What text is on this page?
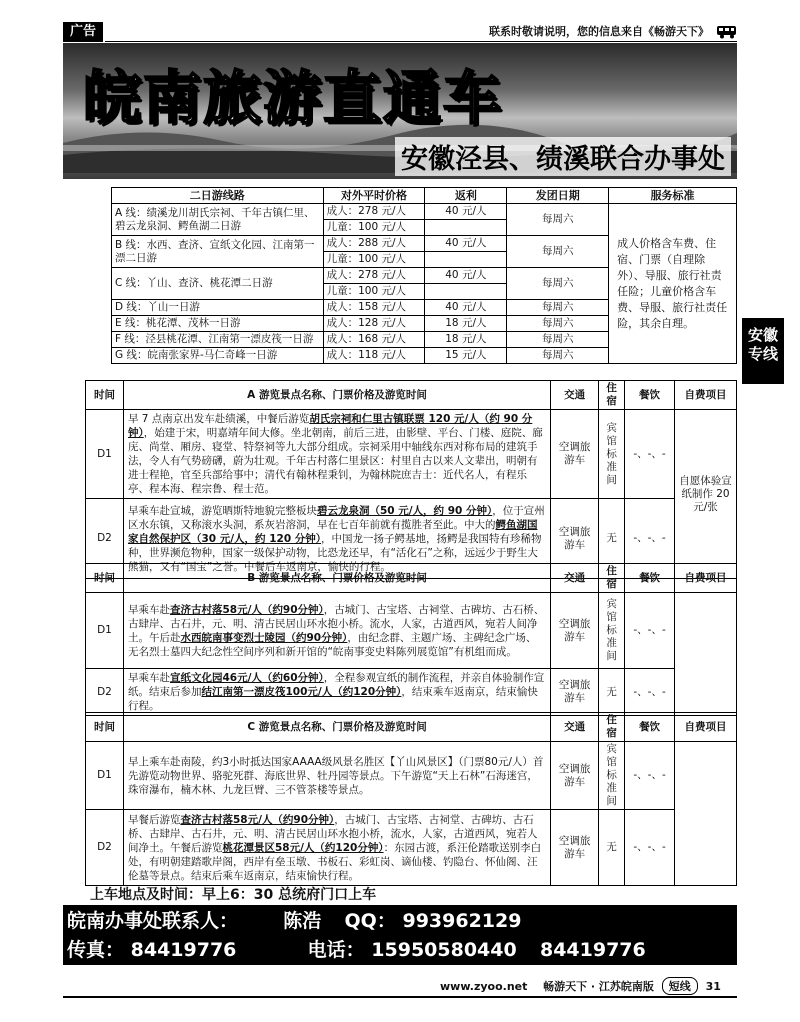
广告	联系时敬请说明，您的信息来自《畅游天下》
皖南旅游直通车
安徽泾县、绩溪联合办事处
安徽
专线
二日游线路	对外平时价格	返利	发团日期	服务标准
A 线：绩溪龙川胡氏宗祠、千年古镇仁里、碧云龙泉洞、鳄鱼湖二日游	成人：278 元/人	40 元/人	每周六	成人价格含车费、住宿、门票（自理除外）、导服、旅行社责任险；儿童价格含车费、导服、旅行社责任险，其余自理。
	儿童：100 元/人			
B 线：水西、查济、宣纸文化园、江南第一漂二日游	成人：288 元/人	40 元/人	每周六	
	儿童：100 元/人			
C 线：丫山、查济、桃花潭二日游	成人：278 元/人	40 元/人	每周六	
	儿童：100 元/人			
D 线：丫山一日游	成人：158 元/人	40 元/人	每周六	
E 线：桃花潭、茂林一日游	成人：128 元/人	18 元/人	每周六	
F 线：泾县桃花潭、江南第一漂皮筏一日游	成人：168 元/人	18 元/人	每周六	
G 线：皖南张家界-马仁奇峰一日游	成人：118 元/人	15 元/人	每周六	
时间	A 游览景点名称、门票价格及游览时间	交通	住宿	餐饮	自费项目
D1	早 7 点南京出发车赴绩溪，中餐后游览胡氏宗祠和仁里古镇联票 120 元/人（约 90 分钟），始建于宋，明嘉靖年间大修。坐北朝南，前后三进，由影壁、平台、门楼、庭院、廊庑、尚堂、厢房、寝堂、特祭祠等九大部分组成。宗祠采用中轴线东西对称布局的建筑手法，令人有气势磅礴，蔚为壮观。千年古村落仁里景区：村里自古以来人文辈出，明朝有进士程艳，官至兵部给事中；清代有翰林程秉钊，为翰林院庶吉士：近代名人，有程乐亭、程本海、程宗鲁、程士范。	空调旅游车	宾馆标准间	-、-、-	自愿体验宣纸制作 20 元/张
D2	早乘车赴宣城，游览晒斯特地貌完整板块碧云龙泉洞（50 元/人，约 90 分钟），位于宣州区水东镇，又称滚水头洞，系灰岩溶洞，早在七百年前就有揽胜者至此。中大的鳄鱼湖国家自然保护区（30 元/人，约 120 分钟），中国龙一扬子鳄基地，扬鳄是我国特有珍稀物种，世界濒危物种，国家一级保护动物，比恐龙还早，有“活化石”之称，远远少于野生大熊猫，又有“国宝”之誉。中餐后车返南京，愉快的行程。	空调旅游车	无	-、-、-	
时间	B 游览景点名称、门票价格及游览时间	交通	住宿	餐饮	自费项目
D1	早乘车赴查济古村落58元/人（约90分钟），古城门、古宝塔、古祠堂、古碑坊、古石桥、古肆岸、古石井，元、明、清古民居山环水抱小桥。流水，人家，古道西风，宛若人间净土。午后赴水西皖南事变烈士陵园（约90分钟），由纪念群、主题广场、主碑纪念广场、无名烈士墓四大纪念性空间序列和新开馆的“皖南事变史料陈列展览馆”有机组而成。	空调旅游车	宾馆标准间	-、-、-	
D2	早乘车赴宣纸文化园46元/人（约60分钟），全程参观宣纸的制作流程，并亲自体验制作宣纸。结束后参加结江南第一漂皮筏100元/人（约120分钟），结束乘车返南京，结束愉快行程。	空调旅游车	无	-、-、-	
时间	C 游览景点名称、门票价格及游览时间	交通	住宿	餐饮	自费项目
D1	早上乘车赴南陵，约3小时抵达国家AAAA级风景名胜区【丫山风景区】（门票80元/人）首先游览动物世界、骆驼死群、海底世界、牡丹园等景点。下午游览“天上石林”石海迷宫，珠帘瀑布，楠木林、九龙巨臂、三不管茶楼等景点。	空调旅游车	宾馆标准间	-、-、-	
D2	早餐后游览查济古村落58元/人（约90分钟），古城门、古宝塔、古祠堂、古碑坊、古石桥、古肆岸、古石井，元、明、清古民居山环水抱小桥，流水，人家，古道西风，宛若人间净土。午餐后游览桃花潭景区58元/人（约120分钟）：东园古渡，系汪伦踏歌送别李白处，有明朝建踏歌岸阁，西岸有垒玉墩、书板石、彩虹岗、谪仙楼、钓隐台、怀仙阁、汪伦墓等景点。结束后乘车返南京，结束愉快行程。	空调旅游车	无	-、-、-	
上车地点及时间：早上6：30 总统府门口上车
皖南办事处联系人： 陈浩 QQ： 993962129
传真： 84419776	电话： 15950580440 84419776
www.zyoo.net 畅游天下 · 江苏皖南版 短线 31
